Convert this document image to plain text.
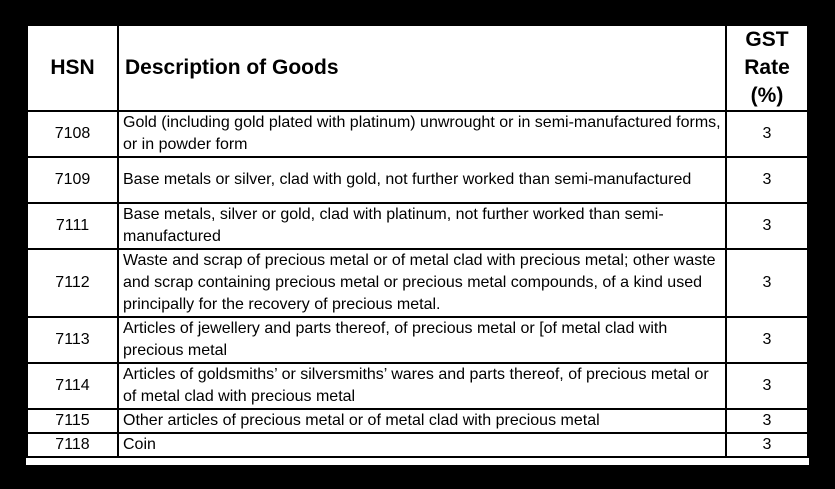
HSN	Description of Goods	GST Rate (%)
7108	Gold (including gold plated with platinum) unwrought or in semi-manufactured forms, or in powder form	3
7109	Base metals or silver, clad with gold, not further worked than semi-manufactured	3
7111	Base metals, silver or gold, clad with platinum, not further worked than semi-manufactured	3
7112	Waste and scrap of precious metal or of metal clad with precious metal; other waste and scrap containing precious metal or precious metal compounds, of a kind used principally for the recovery of precious metal.	3
7113	Articles of jewellery and parts thereof, of precious metal or [of metal clad with precious metal	3
7114	Articles of goldsmiths’ or silversmiths’ wares and parts thereof, of precious metal or of metal clad with precious metal	3
7115	Other articles of precious metal or of metal clad with precious metal	3
7118	Coin	3
